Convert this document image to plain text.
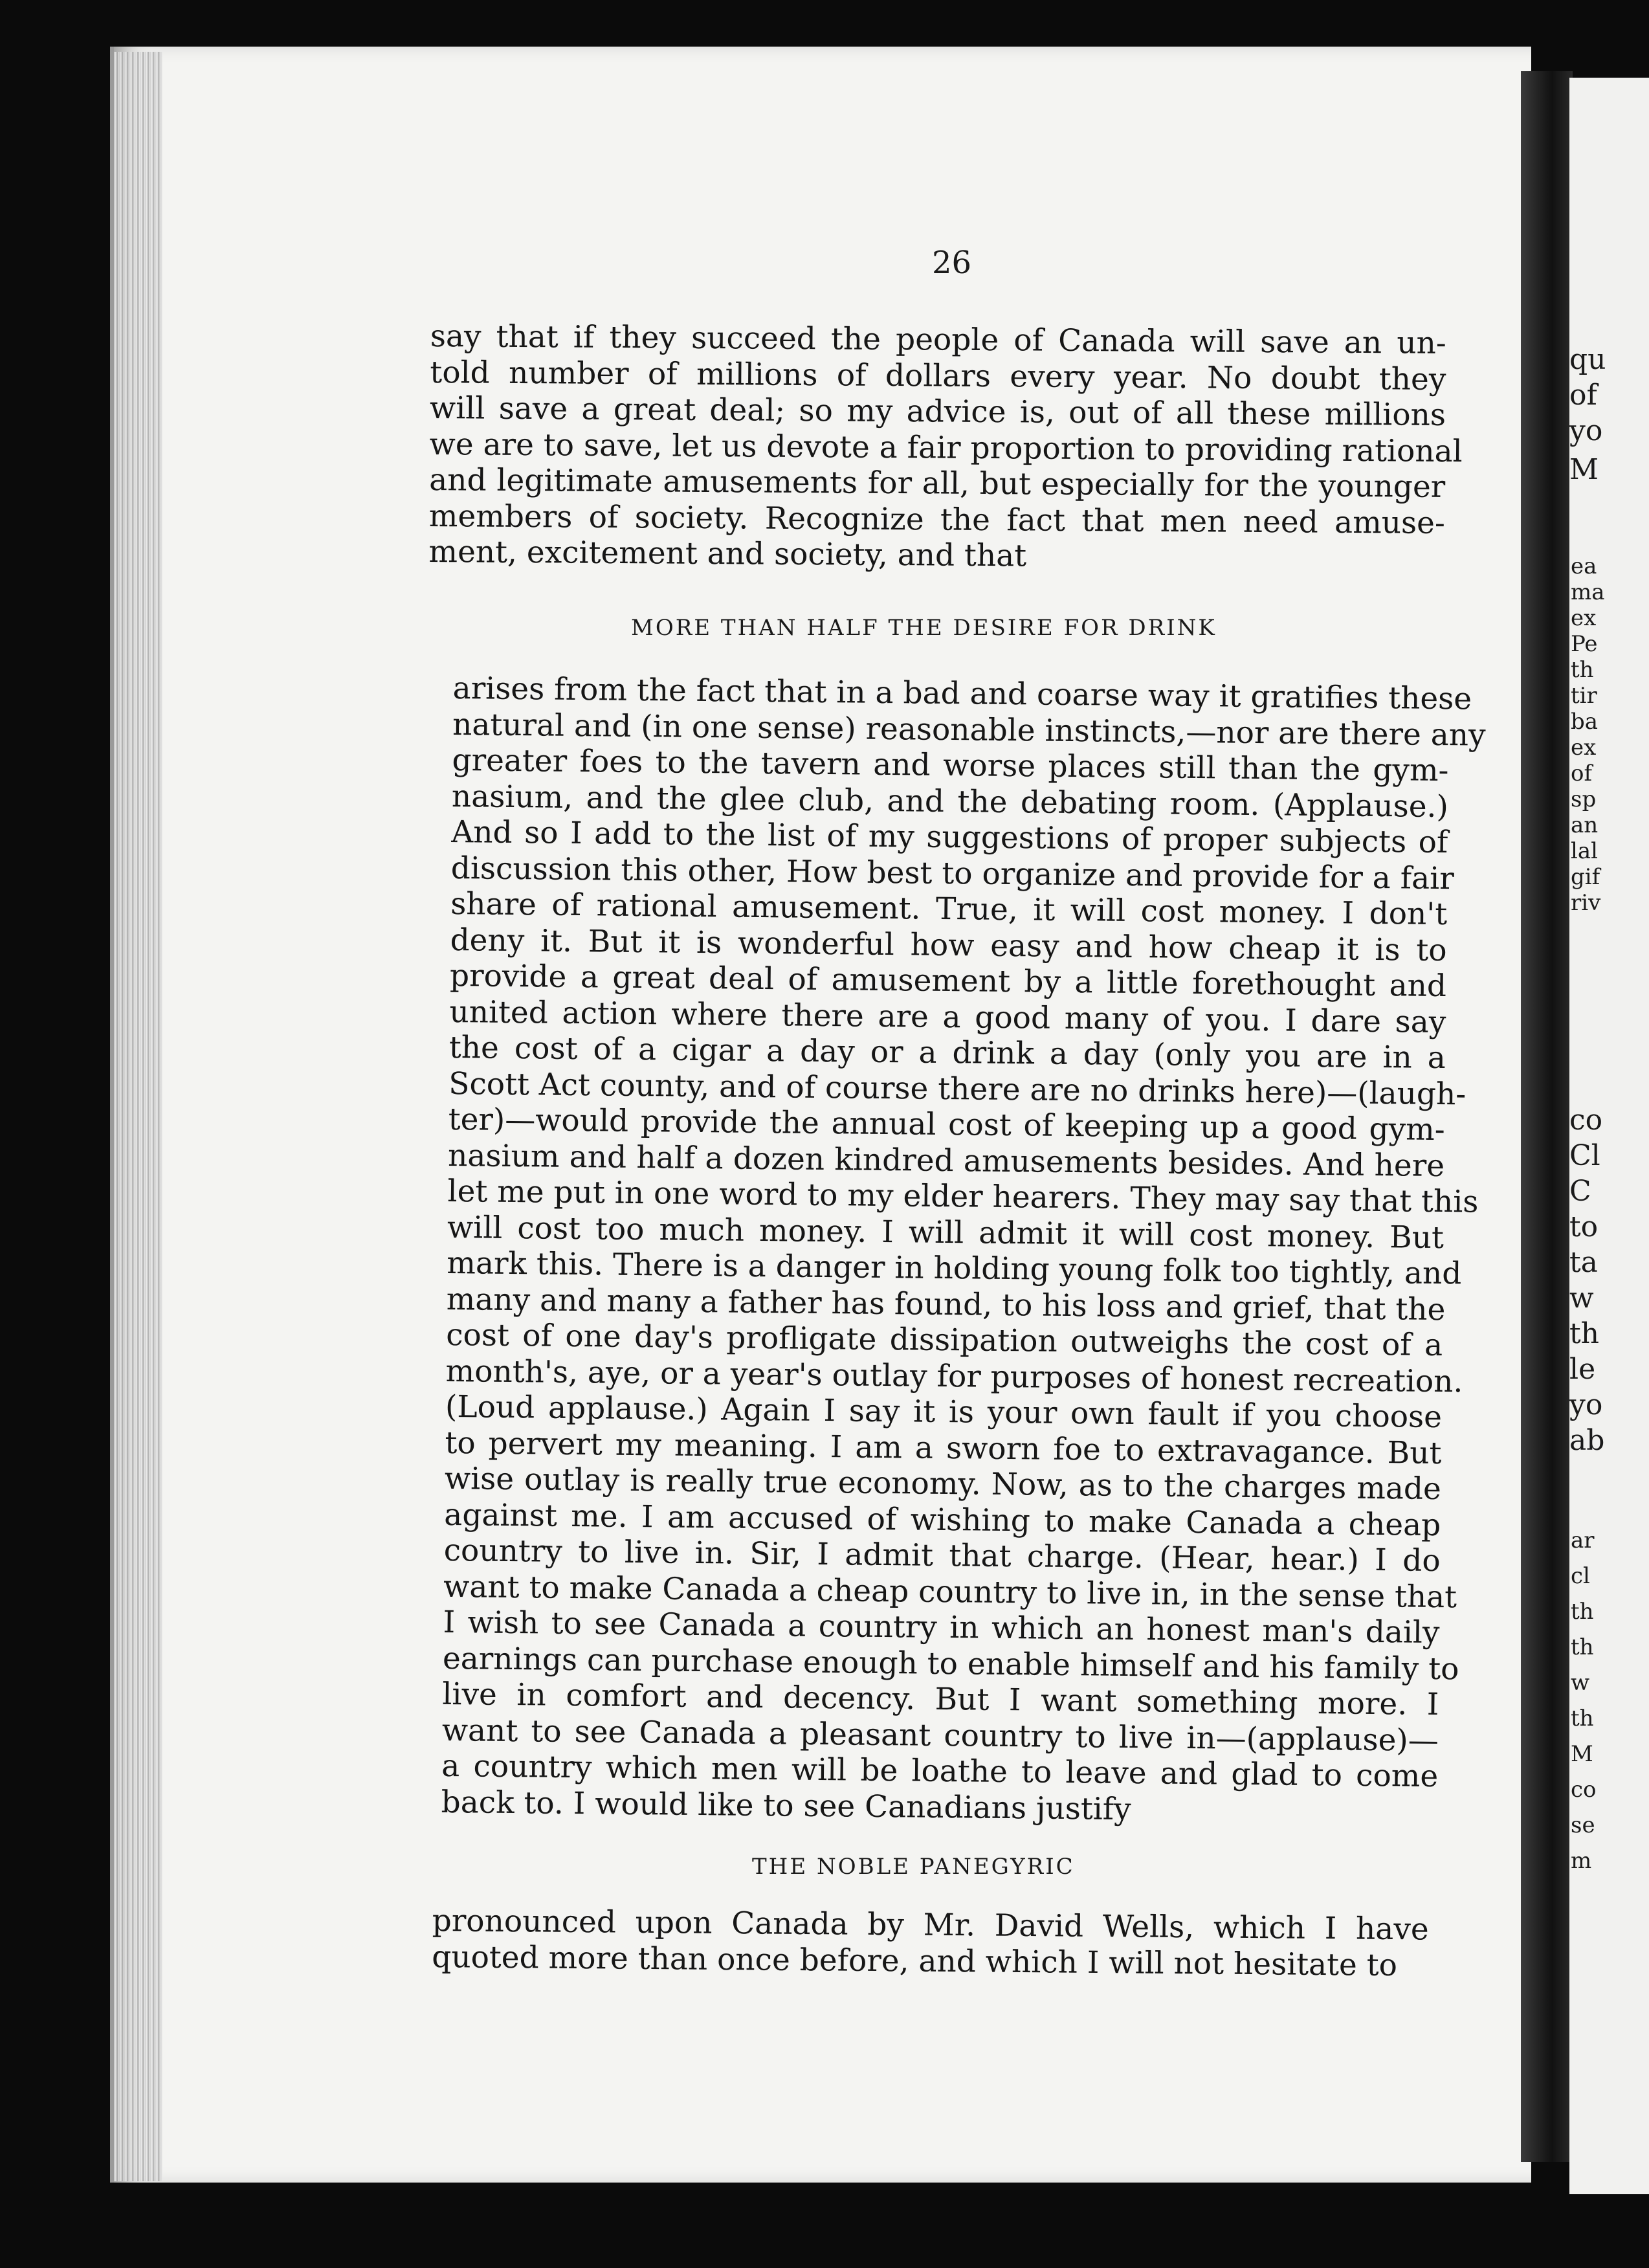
qu
of
yo
M
ea
ma
ex
Pe
th
tir
ba
ex
of
sp
an
lal
gif
riv
co
Cl
C
to
ta
w
th
le
yo
ab
ar
cl
th
th
w
th
M
co
se
m
26
say that if they succeed the people of Canada will save an un-
told number of millions of dollars every year. No doubt they
will save a great deal; so my advice is, out of all these millions
we are to save, let us devote a fair proportion to providing rational
and legitimate amusements for all, but especially for the younger
members of society. Recognize the fact that men need amuse-
ment, excitement and society, and that
MORE THAN HALF THE DESIRE FOR DRINK
arises from the fact that in a bad and coarse way it gratifies these
natural and (in one sense) reasonable instincts,—nor are there any
greater foes to the tavern and worse places still than the gym-
nasium, and the glee club, and the debating room. (Applause.)
And so I add to the list of my suggestions of proper subjects of
discussion this other, How best to organize and provide for a fair
share of rational amusement. True, it will cost money. I don't
deny it. But it is wonderful how easy and how cheap it is to
provide a great deal of amusement by a little forethought and
united action where there are a good many of you. I dare say
the cost of a cigar a day or a drink a day (only you are in a
Scott Act county, and of course there are no drinks here)—(laugh-
ter)—would provide the annual cost of keeping up a good gym-
nasium and half a dozen kindred amusements besides. And here
let me put in one word to my elder hearers. They may say that this
will cost too much money. I will admit it will cost money. But
mark this. There is a danger in holding young folk too tightly, and
many and many a father has found, to his loss and grief, that the
cost of one day's profligate dissipation outweighs the cost of a
month's, aye, or a year's outlay for purposes of honest recreation.
(Loud applause.) Again I say it is your own fault if you choose
to pervert my meaning. I am a sworn foe to extravagance. But
wise outlay is really true economy. Now, as to the charges made
against me. I am accused of wishing to make Canada a cheap
country to live in. Sir, I admit that charge. (Hear, hear.) I do
want to make Canada a cheap country to live in, in the sense that
I wish to see Canada a country in which an honest man's daily
earnings can purchase enough to enable himself and his family to
live in comfort and decency. But I want something more. I
want to see Canada a pleasant country to live in—(applause)—
a country which men will be loathe to leave and glad to come
back to. I would like to see Canadians justify
THE NOBLE PANEGYRIC
pronounced upon Canada by Mr. David Wells, which I have
quoted more than once before, and which I will not hesitate to
